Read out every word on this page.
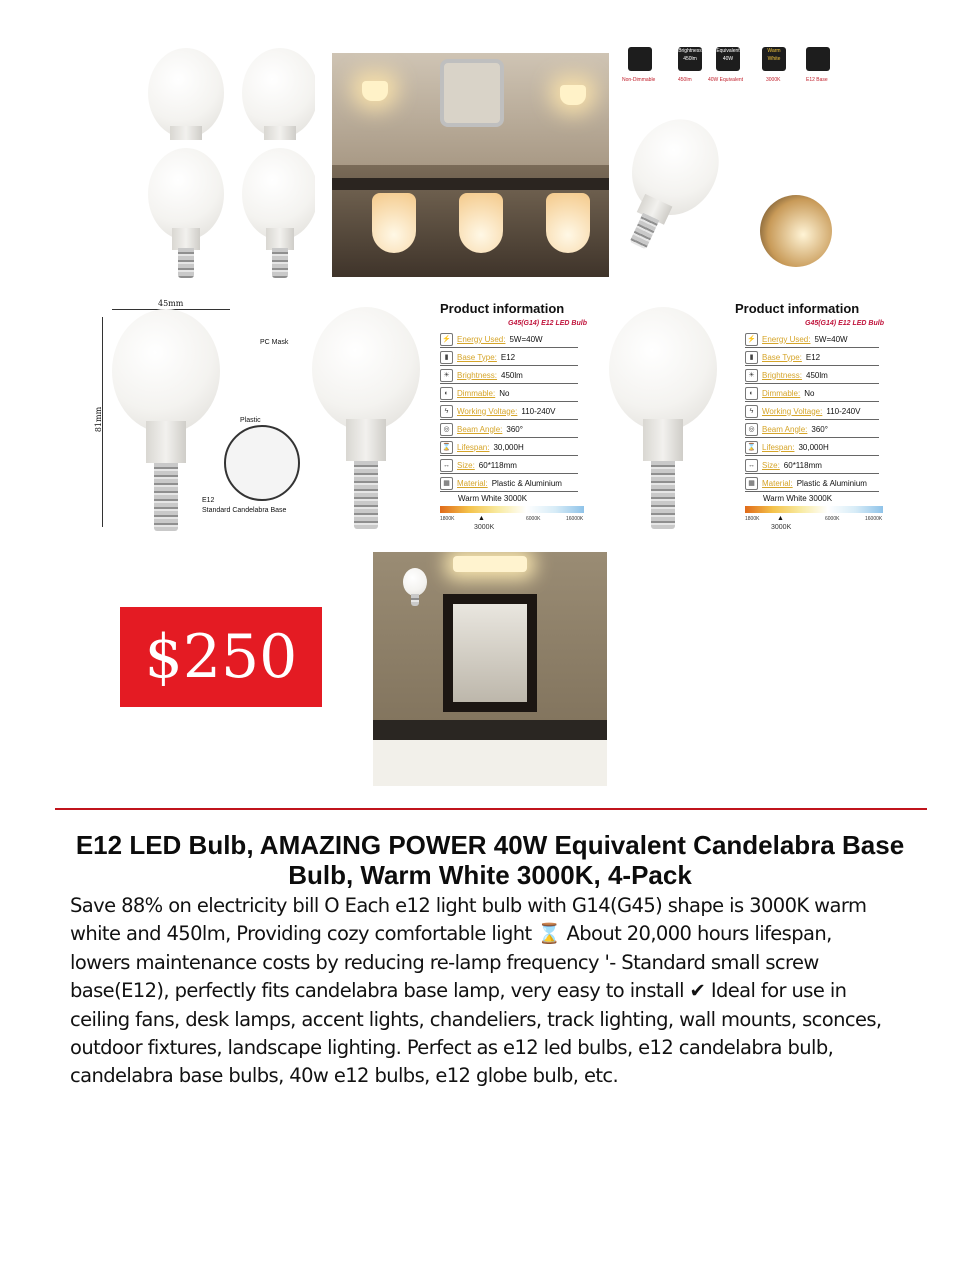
Brightness 450lm
Equivalent 40W
Warm White
Non-Dimmable	450lm	40W Equivalent	3000K	E12 Base
45mm
81mm
PC Mask
Plastic
E12
Standard Candelabra Base
Product information
G45(G14) E12 LED Bulb
⚡ Energy Used: 5W=40W
▮	Base Type: E12
☀ Brightness: 450lm
◐	Dimmable: No
ϟ	Working Voltage: 110-240V
◎ Beam Angle: 360°
⌛ Lifespan: 30,000H
↔ Size: 60*118mm
▦ Material: Plastic & Aluminium
Warm White 3000K
1800K	6000K	16000K
▲
3000K
Product information
G45(G14) E12 LED Bulb
⚡ Energy Used: 5W=40W
▮	Base Type: E12
☀ Brightness: 450lm
◐	Dimmable: No
ϟ	Working Voltage: 110-240V
◎ Beam Angle: 360°
⌛ Lifespan: 30,000H
↔ Size: 60*118mm
▦ Material: Plastic & Aluminium
Warm White 3000K
1800K	6000K	16000K
▲
3000K
$250
E12 LED Bulb, AMAZING POWER 40W Equivalent Candelabra Base Bulb, Warm White 3000K, 4-Pack
Save 88% on electricity bill O Each e12 light bulb with G14(G45) shape is 3000K warm white and 450lm, Providing cozy comfortable light ⌛ About 20,000 hours lifespan, lowers maintenance costs by reducing re-lamp frequency '- Standard small screw base(E12), perfectly fits candelabra base lamp, very easy to install ✔ Ideal for use in ceiling fans, desk lamps, accent lights, chandeliers, track lighting, wall mounts, sconces, outdoor fixtures, landscape lighting. Perfect as e12 led bulbs, e12 candelabra bulb, candelabra base bulbs, 40w e12 bulbs, e12 globe bulb, etc.
